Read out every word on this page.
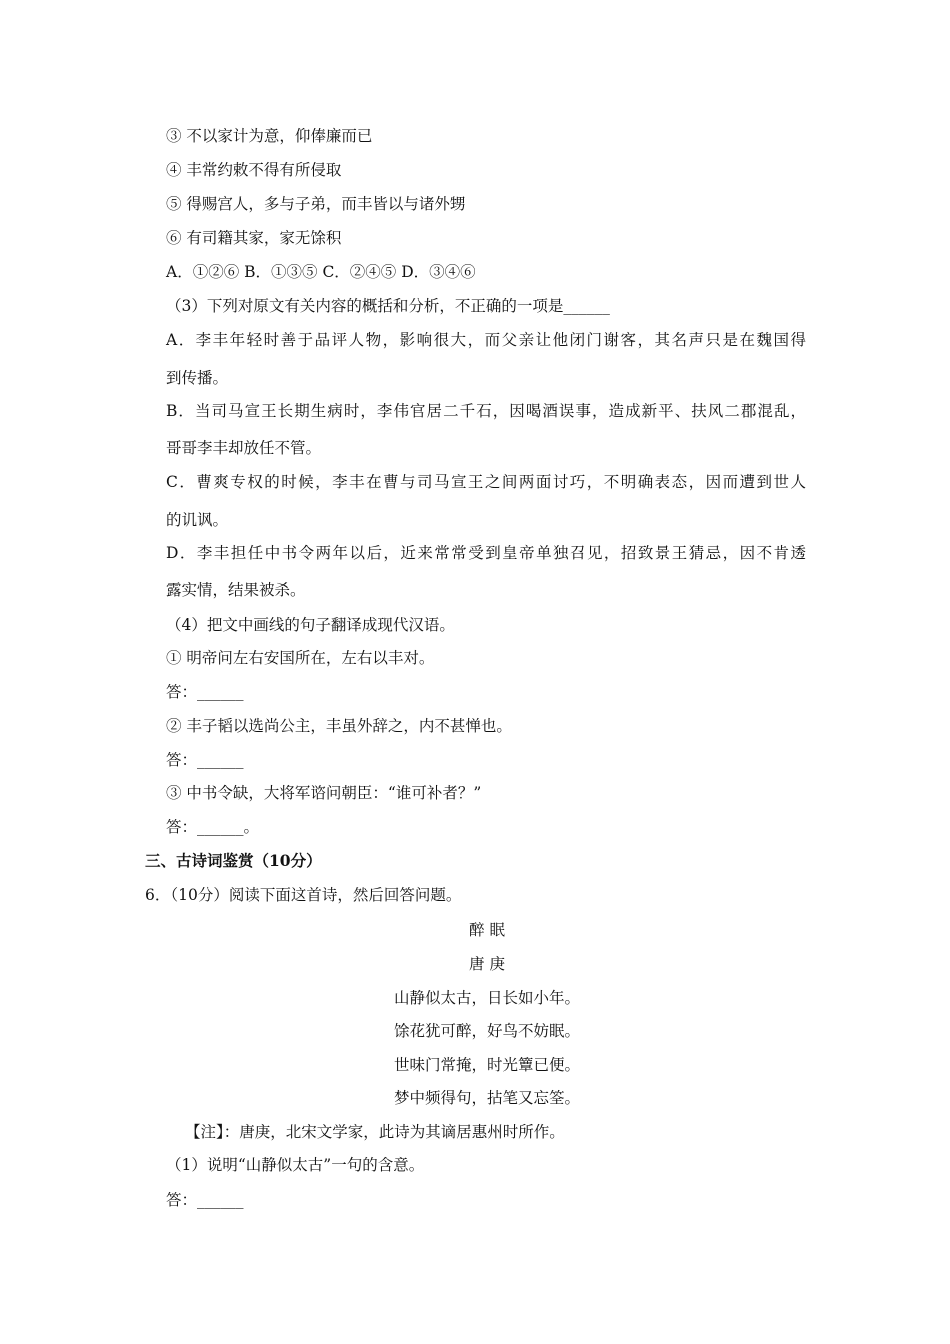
③ 不以家计为意，仰俸廉而已
④ 丰常约敕不得有所侵取
⑤ 得赐宫人，多与子弟，而丰皆以与诸外甥
⑥ 有司籍其家，家无馀积
A．①②⑥ B．①③⑤ C．②④⑤ D．③④⑥
（3）下列对原文有关内容的概括和分析，不正确的一项是______
A．李丰年轻时善于品评人物，影响很大，而父亲让他闭门谢客，其名声只是在魏国得
到传播。
B．当司马宣王长期生病时，李伟官居二千石，因喝酒误事，造成新平、扶风二郡混乱，
哥哥李丰却放任不管。
C．曹爽专权的时候，李丰在曹与司马宣王之间两面讨巧，不明确表态，因而遭到世人
的讥讽。
D．李丰担任中书令两年以后，近来常常受到皇帝单独召见，招致景王猜忌，因不肯透
露实情，结果被杀。
（4）把文中画线的句子翻译成现代汉语。
① 明帝问左右安国所在，左右以丰对。
答：______
② 丰子韬以选尚公主，丰虽外辞之，内不甚惮也。
答：______
③ 中书令缺，大将军谘问朝臣：“谁可补者？”
答：______。
三、古诗词鉴赏（10分）
6．（10分）阅读下面这首诗，然后回答问题。
醉 眠
唐 庚
山静似太古，日长如小年。
馀花犹可醉，好鸟不妨眠。
世味门常掩，时光簟已便。
梦中频得句，拈笔又忘筌。
【注】：唐庚，北宋文学家，此诗为其谪居惠州时所作。
（1）说明“山静似太古”一句的含意。
答：______
